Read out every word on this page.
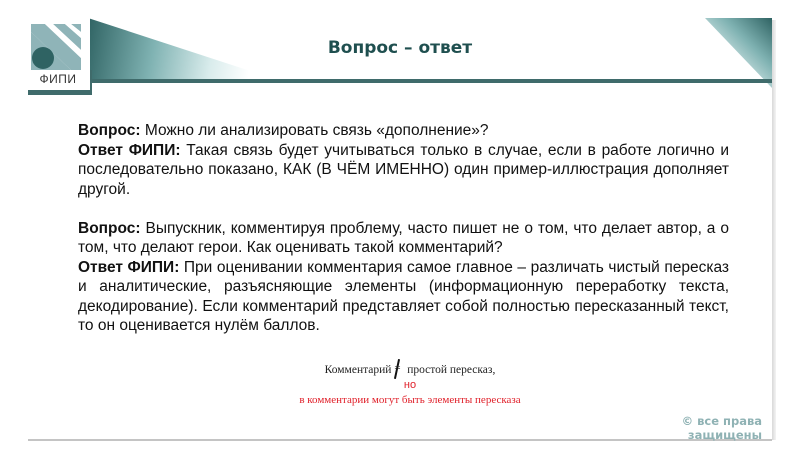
ФИПИ
Вопрос – ответ

Вопрос: Можно ли анализировать связь «дополнение»?

Ответ ФИПИ: Такая связь будет учитываться только в случае, если в работе логично и последовательно показано, КАК (В ЧЁМ ИМЕННО) один пример-иллюстрация дополняет другой.

Вопрос: Выпускник, комментируя проблему, часто пишет не о том, что делает автор, а о том, что делают герои. Как оценивать такой комментарий?

Ответ ФИПИ: При оценивании комментария самое главное – различать чистый пересказ и аналитические, разъясняющие элементы (информационную переработку текста, декодирование). Если комментарий представляет собой полностью пересказанный текст, то он оценивается нулём баллов.

Комментарий = простой пересказ,
но
в комментарии могут быть элементы пересказа
© все права защищены
